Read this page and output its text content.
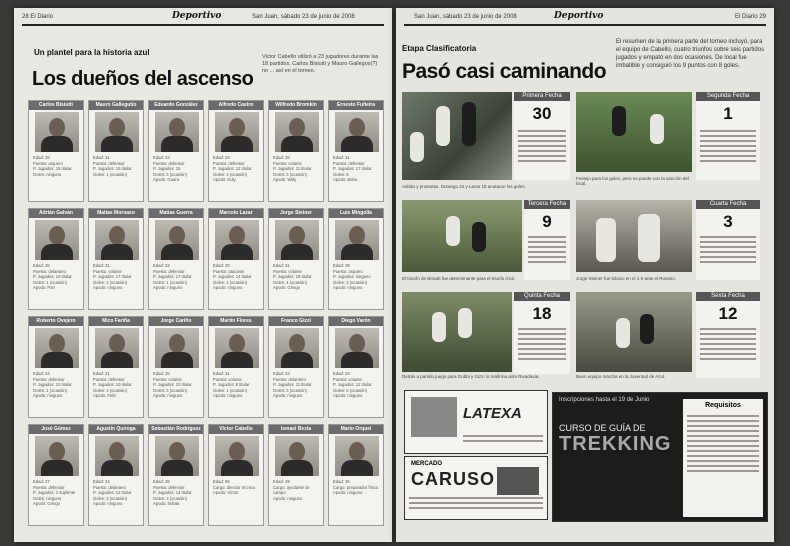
28 El Diario	Deportivo	San Juan, sábado 23 de junio de 2008
Un plantel para la historia azul
Los dueños del ascenso
Victor Cabello utilizó a 23 jugadores durante las 18 partidos. Carlos Bisiutti y Mauro Gallegos(?) no ... así en el torneo.
Carlos Bisiutti
Edad: 28
Puesto: arquero
P. Jugados: 18 titular
Goles: ninguno
Mauro Gallegutio
Edad: 31
Puesto: defensor
P. Jugados: 15 titular
Goles: 1 (ocasión)
Eduardo González
Edad: 23
Puesto: defensor
P. Jugados: 15
Goles: 3 (ocasión)
Apodo: Guara
Alfredo Castro
Edad: 24
Puesto: defensor
P. Jugados: 12 titular
Goles: 3 (ocasión)
Apodo: Kuly
Wilfredo Bromkin
Edad: 28
Puesto: volante
P. Jugados: 11 titular
Goles: 3 (ocasión)
Apodo: Willy
Ernesto Fuñeira
Edad: 31
Puesto: defensor
P. Jugados: 17 titular
Goles: 5
Apodo: Bebu
Adrián Galván
Edad: 25
Puesto: delantero
P. Jugados: 10 titular
Goles: 1 (ocasión)
Apodo: Parí
Matías Moroaso
Edad: 31
Puesto: volante
P. Jugados: 17 titular
Goles: 2 (ocasión)
Apodo: ninguno
Matías Guerra
Edad: 22
Puesto: defensor
P. Jugados: 17 titular
Goles: 1 (ocasión)
Apodo: ninguno
Marcelo Lazar
Edad: 20
Puesto: atacante
P. Jugados: 14 titular
Goles: 4 (ocasión)
Apodo: ninguno
Jorge Steiner
Edad: 31
Puesto: volante
P. Jugados: 18 titular
Goles: 4 (ocasión)
Apodo: Gringo
Luis Mingolla
Edad: 29
Puesto: arquero
P. Jugados: ninguno
Goles: 3 (ocasión)
Apodo: ninguno
Roberto Ovejero
Edad: 24
Puesto: defensor
P. Jugados: 10 titular
Goles: 1 (ocasión)
Apodo: ninguno
Mico Fariña
Edad: 21
Puesto: defensor
P. Jugados: 10 titular
Goles: 3 (ocasión)
Apodo: Feliz
Jorge Cariño
Edad: 25
Puesto: volante
P. Jugados: 10 titular
Goles: 3 (ocasión)
Apodo: ninguno
Martín Flores
Edad: 31
Puesto: volante
P. Jugados: 8 titular
Goles: 1 (ocasión)
Apodo: ninguno
Franco Gizzi
Edad: 23
Puesto: delantero
P. Jugados: 11 titular
Goles: 3 (ocasión)
Apodo: ninguno
Diego Varón
Edad: 24
Puesto: volante
P. Jugados: 12 titular
Goles: 0 (ocasión)
Apodo: ninguno
José Gómez
Edad: 27
Puesto: defensor
P. Jugados: 1 suplente
Goles: ninguno
Apodo: Gringo
Agustín Quiroga
Edad: 24
Puesto: delantero
P. Jugados: 12 titular
Goles: 3 (ocasión)
Apodo: ninguno
Sebastián Rodríguez
Edad: 25
Puesto: defensor
P. Jugados: 14 titular
Goles: 3 (ocasión)
Apodo: Sebita
Víctor Cabello
Edad: 56
Cargo: director técnico
Apodo: Víctor
Ismael Bezta
Edad: 49
Cargo: ayudante de campo
Apodo: ninguno
Mario Orqueí
Edad: 36
Cargo: preparador físico
Apodo: ninguno
San Juan, sábado 23 de junio de 2008	Deportivo	El Diario 29
Etapa Clasificatoria
Pasó casi caminando
El resumen de la primera parte del torneo incluyó, para el equipo de Cabello, cuatro triunfos sobre seis partidos jugados y empató en dos ocasiones. De local fue imbatible y consiguió los 9 puntos con 8 goles.
Primera Fecha
30
Segunda Fecha
1
Adrián y protestas. Durango 22 y Lazar 18 anotaron los goles.
Festejo para los goles, pero no puede con la sanción del local.
Tercera Fecha
9
Cuarta Fecha
3
El triunfo de Bisiutti fue determinante para el triunfo Azul.	Jorge Steiner fue básico en el 1-0 ante el Rosario.
Quinta Fecha
18
Sexta Fecha
12
Detrás a partido juego para Gobbi y Gizzi lo reafirma ante Rivadavia.	Buen equipo marcha en la Juventud de Azul.
LATEXA
MERCADO
CARUSO
Inscripciones hasta el 19 de Junio
CURSO DE GUÍA DE
TREKKING
Requisitos
